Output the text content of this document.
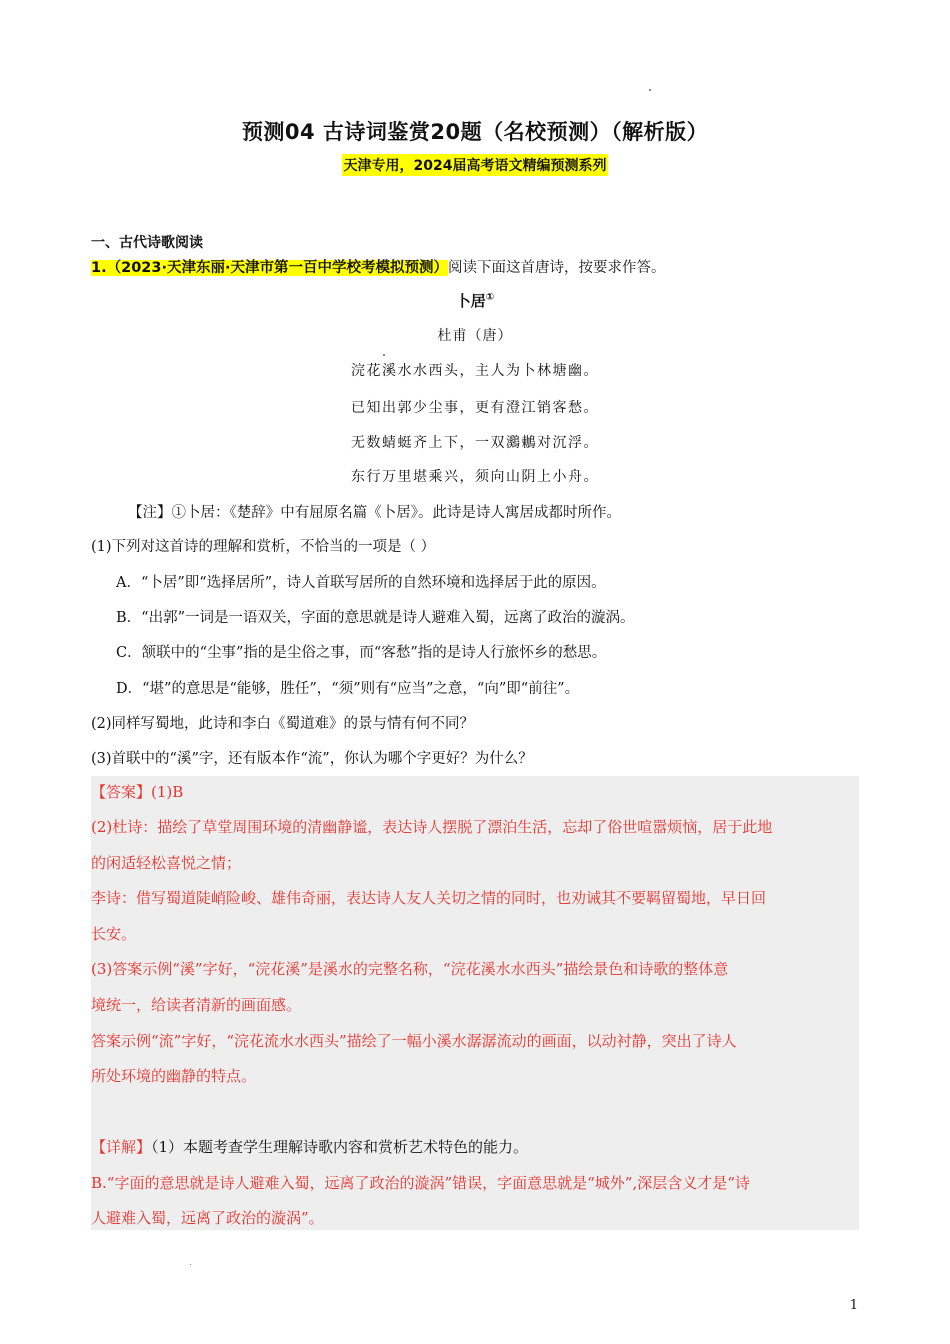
预测04 古诗词鉴赏20题（名校预测）（解析版）
天津专用，2024届高考语文精编预测系列
一、古代诗歌阅读
1.（2023·天津东丽·天津市第一百中学校考模拟预测）阅读下面这首唐诗，按要求作答。
卜居①
杜甫（唐）
浣花溪水水西头，主人为卜林塘幽。
已知出郭少尘事，更有澄江销客愁。
无数蜻蜓齐上下，一双鸂鶒对沉浮。
东行万里堪乘兴，须向山阴上小舟。
【注】①卜居：《楚辞》中有屈原名篇《卜居》。此诗是诗人寓居成都时所作。
(1)下列对这首诗的理解和赏析，不恰当的一项是（ ）
A．“卜居”即“选择居所”，诗人首联写居所的自然环境和选择居于此的原因。
B．“出郭”一词是一语双关，字面的意思就是诗人避难入蜀，远离了政治的漩涡。
C．颔联中的“尘事”指的是尘俗之事，而“客愁”指的是诗人行旅怀乡的愁思。
D．“堪”的意思是“能够，胜任”，“须”则有“应当”之意，“向”即“前往”。
(2)同样写蜀地，此诗和李白《蜀道难》的景与情有何不同？
(3)首联中的“溪”字，还有版本作“流”，你认为哪个字更好？为什么？
【答案】(1)B
(2)杜诗：描绘了草堂周围环境的清幽静谧，表达诗人摆脱了漂泊生活，忘却了俗世喧嚣烦恼，居于此地
的闲适轻松喜悦之情；
李诗：借写蜀道陡峭险峻、雄伟奇丽，表达诗人友人关切之情的同时，也劝诫其不要羁留蜀地，早日回
长安。
(3)答案示例“溪”字好，“浣花溪”是溪水的完整名称，“浣花溪水水西头”描绘景色和诗歌的整体意
境统一，给读者清新的画面感。
答案示例“流”字好，“浣花流水水西头”描绘了一幅小溪水潺潺流动的画面，以动衬静，突出了诗人
所处环境的幽静的特点。
【详解】（1）本题考查学生理解诗歌内容和赏析艺术特色的能力。
B.“字面的意思就是诗人避难入蜀，远离了政治的漩涡”错误，字面意思就是“城外”,深层含义才是“诗
人避难入蜀，远离了政治的漩涡”。
1
